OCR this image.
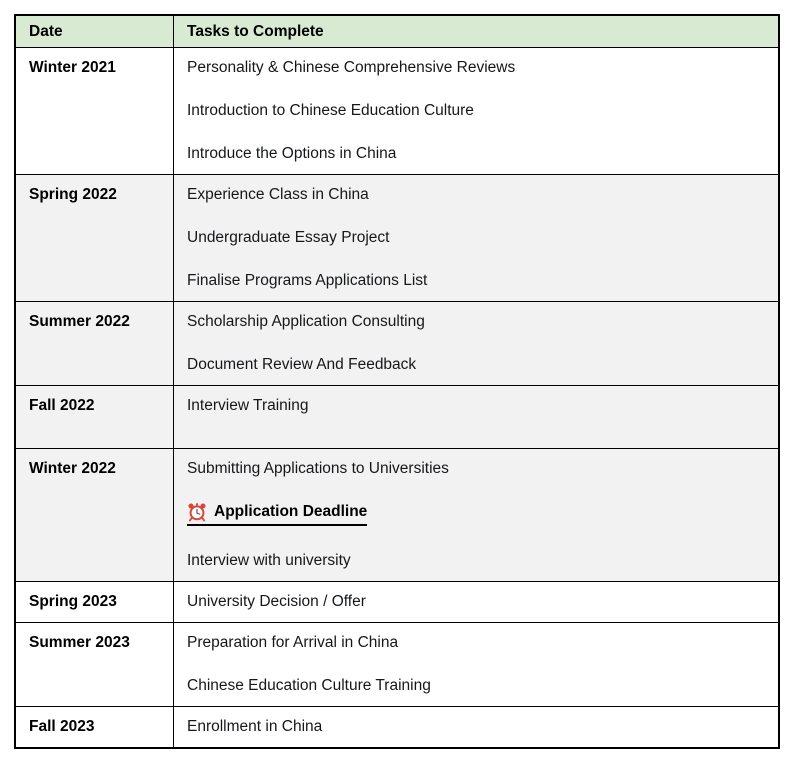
Date	Tasks to Complete
Winter 2021	Personality & Chinese Comprehensive Reviews
Introduction to Chinese Education Culture
Introduce the Options in China
Spring 2022	Experience Class in China
Undergraduate Essay Project
Finalise Programs Applications List
Summer 2022	Scholarship Application Consulting
Document Review And Feedback
Fall 2022	Interview Training
Winter 2022	Submitting Applications to Universities
Application Deadline
Interview with university
Spring 2023	University Decision / Offer
Summer 2023	Preparation for Arrival in China
Chinese Education Culture Training
Fall 2023	Enrollment in China
